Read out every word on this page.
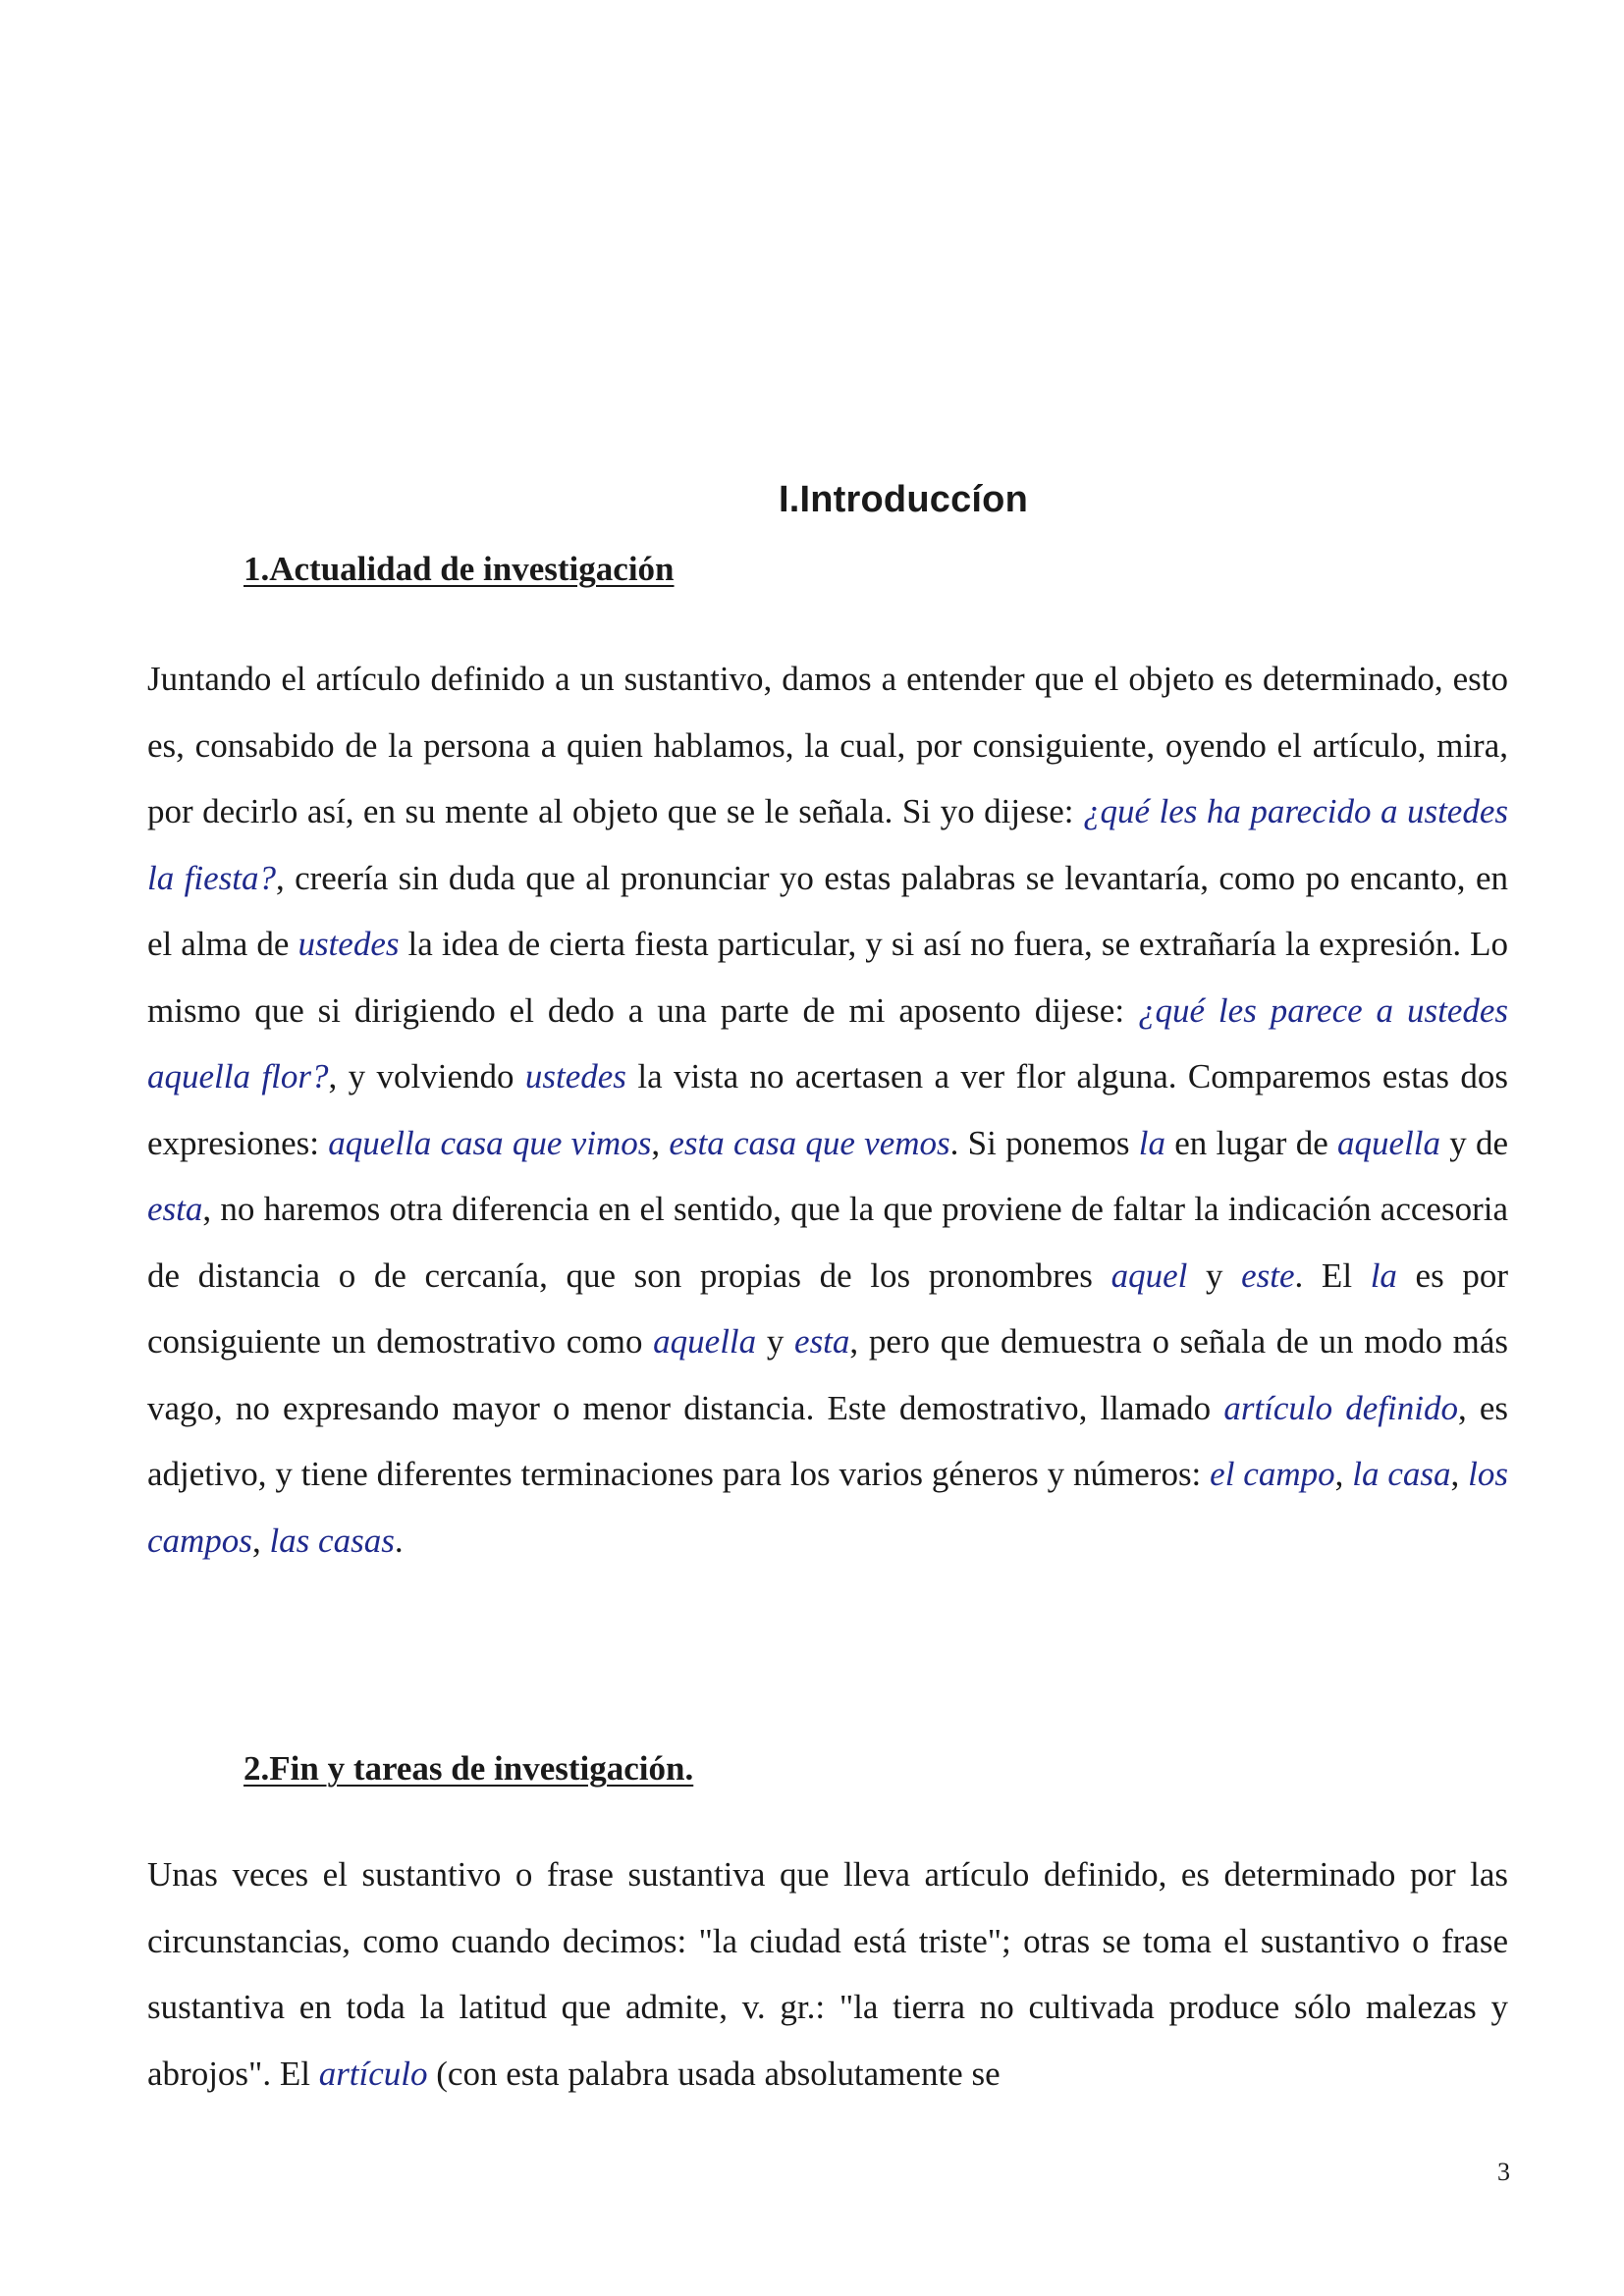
I.Introduccíon
1.Actualidad de investigación

Juntando el artículo definido a un sustantivo, damos a entender que el objeto es determinado, esto es, consabido de la persona a quien hablamos, la cual, por consiguiente, oyendo el artículo, mira, por decirlo así, en su mente al objeto que se le señala. Si yo dijese: ¿qué les ha parecido a ustedes la fiesta?, creería sin duda que al pronunciar yo estas palabras se levantaría, como po encanto, en el alma de ustedes la idea de cierta fiesta particular, y si así no fuera, se extrañaría la expresión. Lo mismo que si dirigiendo el dedo a una parte de mi aposento dijese: ¿qué les parece a ustedes aquella flor?, y volviendo ustedes la vista no acertasen a ver flor alguna. Comparemos estas dos expresiones: aquella casa que vimos, esta casa que vemos. Si ponemos la en lugar de aquella y de esta, no haremos otra diferencia en el sentido, que la que proviene de faltar la indicación accesoria de distancia o de cercanía, que son propias de los pronombres aquel y este. El la es por consiguiente un demostrativo como aquella y esta, pero que demuestra o señala de un modo más vago, no expresando mayor o menor distancia. Este demostrativo, llamado artículo definido, es adjetivo, y tiene diferentes terminaciones para los varios géneros y números: el campo, la casa, los campos, las casas.

2.Fin y tareas de investigación.

Unas veces el sustantivo o frase sustantiva que lleva artículo definido, es determinado por las circunstancias, como cuando decimos: "la ciudad está triste"; otras se toma el sustantivo o frase sustantiva en toda la latitud que admite, v. gr.: "la tierra no cultivada produce sólo malezas y abrojos". El artículo (con esta palabra usada absolutamente se

3
